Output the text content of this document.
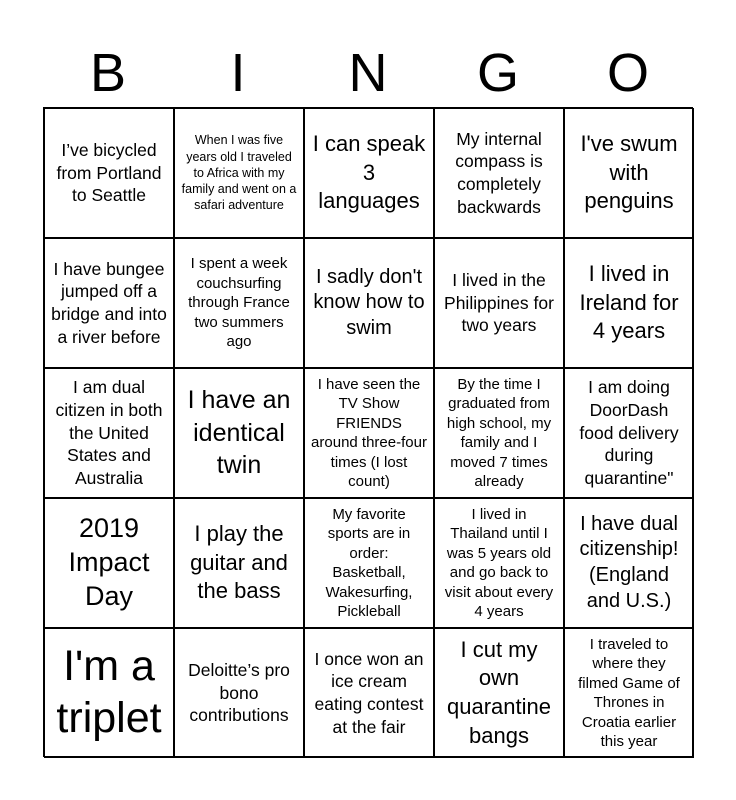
B	I	N	G	O
I’ve bicycled from Portland to Seattle
When I was five years old I traveled to Africa with my family and went on a safari adventure
I can speak 3 languages
My internal compass is completely backwards
I've swum with penguins
I have bungee jumped off a bridge and into a river before
I spent a week couchsurfing through France two summers ago
I sadly don't know how to swim
I lived in the Philippines for two years
I lived in Ireland for 4 years
I am dual citizen in both the United States and Australia
I have an identical twin
I have seen the TV Show FRIENDS around three-four times (I lost count)
By the time I graduated from high school, my family and I moved 7 times already
I am doing DoorDash food delivery during quarantine"
2019 Impact Day
I play the guitar and the bass
My favorite sports are in order: Basketball, Wakesurfing, Pickleball
I lived in Thailand until I was 5 years old and go back to visit about every 4 years
I have dual citizenship! (England and U.S.)
I'm a triplet
Deloitte’s pro bono contributions
I once won an ice cream eating contest at the fair
I cut my own quarantine bangs
I traveled to where they filmed Game of Thrones in Croatia earlier this year
